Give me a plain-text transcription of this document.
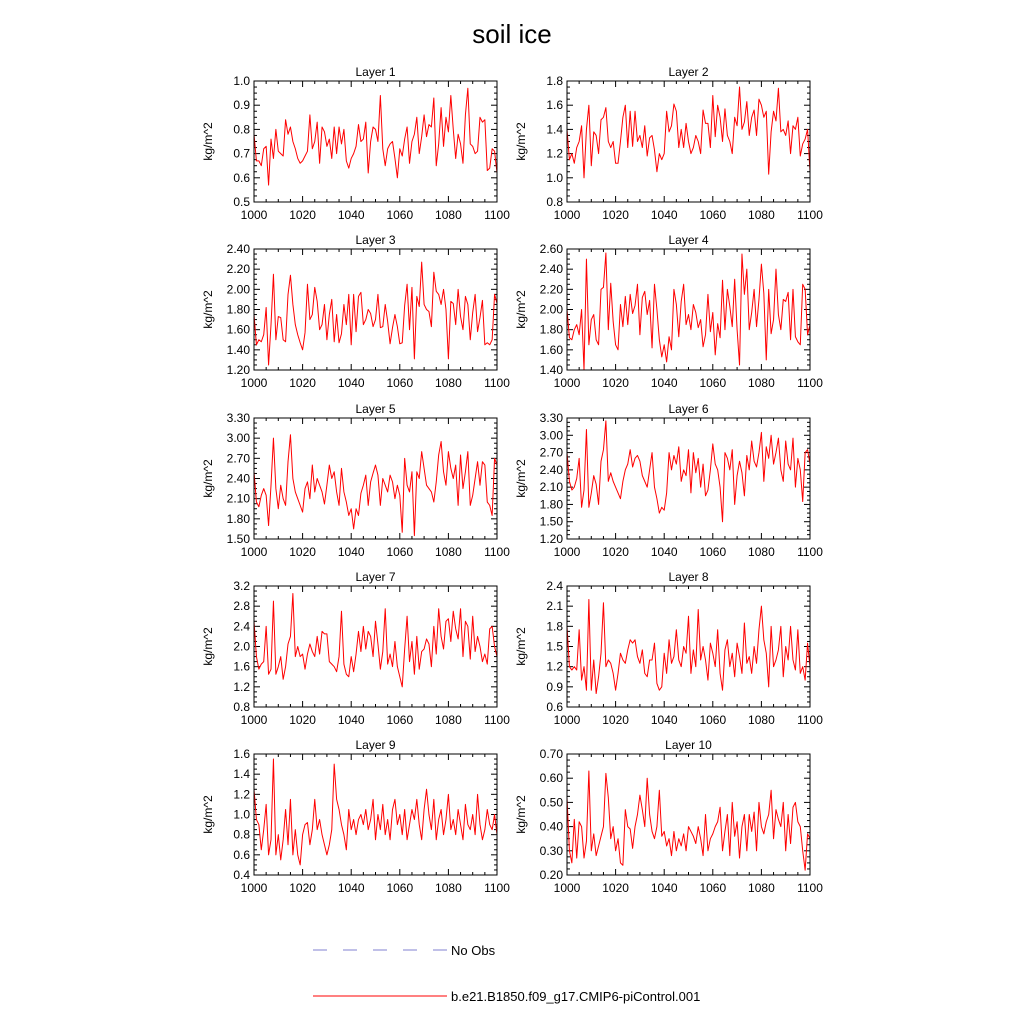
soil ice
Layer 1
kg/m^2
1000 1020 1040 1060 1080 1100
0.5
0.6
0.7
0.8
0.9
1.0
Layer 2
kg/m^2
1000 1020 1040 1060 1080 1100
0.8
1.0
1.2
1.4
1.6
1.8
Layer 3
kg/m^2
1000 1020 1040 1060 1080 1100
1.20
1.40
1.60
1.80
2.00
2.20
2.40
Layer 4
kg/m^2
1000 1020 1040 1060 1080 1100
1.40
1.60
1.80
2.00
2.20
2.40
2.60
Layer 5
kg/m^2
1000 1020 1040 1060 1080 1100
1.50
1.80
2.10
2.40
2.70
3.00
3.30
Layer 6
kg/m^2
1000 1020 1040 1060 1080 1100
1.20
1.50
1.80
2.10
2.40
2.70
3.00
3.30
Layer 7
kg/m^2
1000 1020 1040 1060 1080 1100
0.8
1.2
1.6
2.0
2.4
2.8
3.2
Layer 8
kg/m^2
1000 1020 1040 1060 1080 1100
0.6
0.9
1.2
1.5
1.8
2.1
2.4
Layer 9
kg/m^2
1000 1020 1040 1060 1080 1100
0.4
0.6
0.8
1.0
1.2
1.4
1.6
Layer 10
kg/m^2
1000 1020 1040 1060 1080 1100
0.20
0.30
0.40
0.50
0.60
0.70
No Obs
b.e21.B1850.f09_g17.CMIP6-piControl.001
